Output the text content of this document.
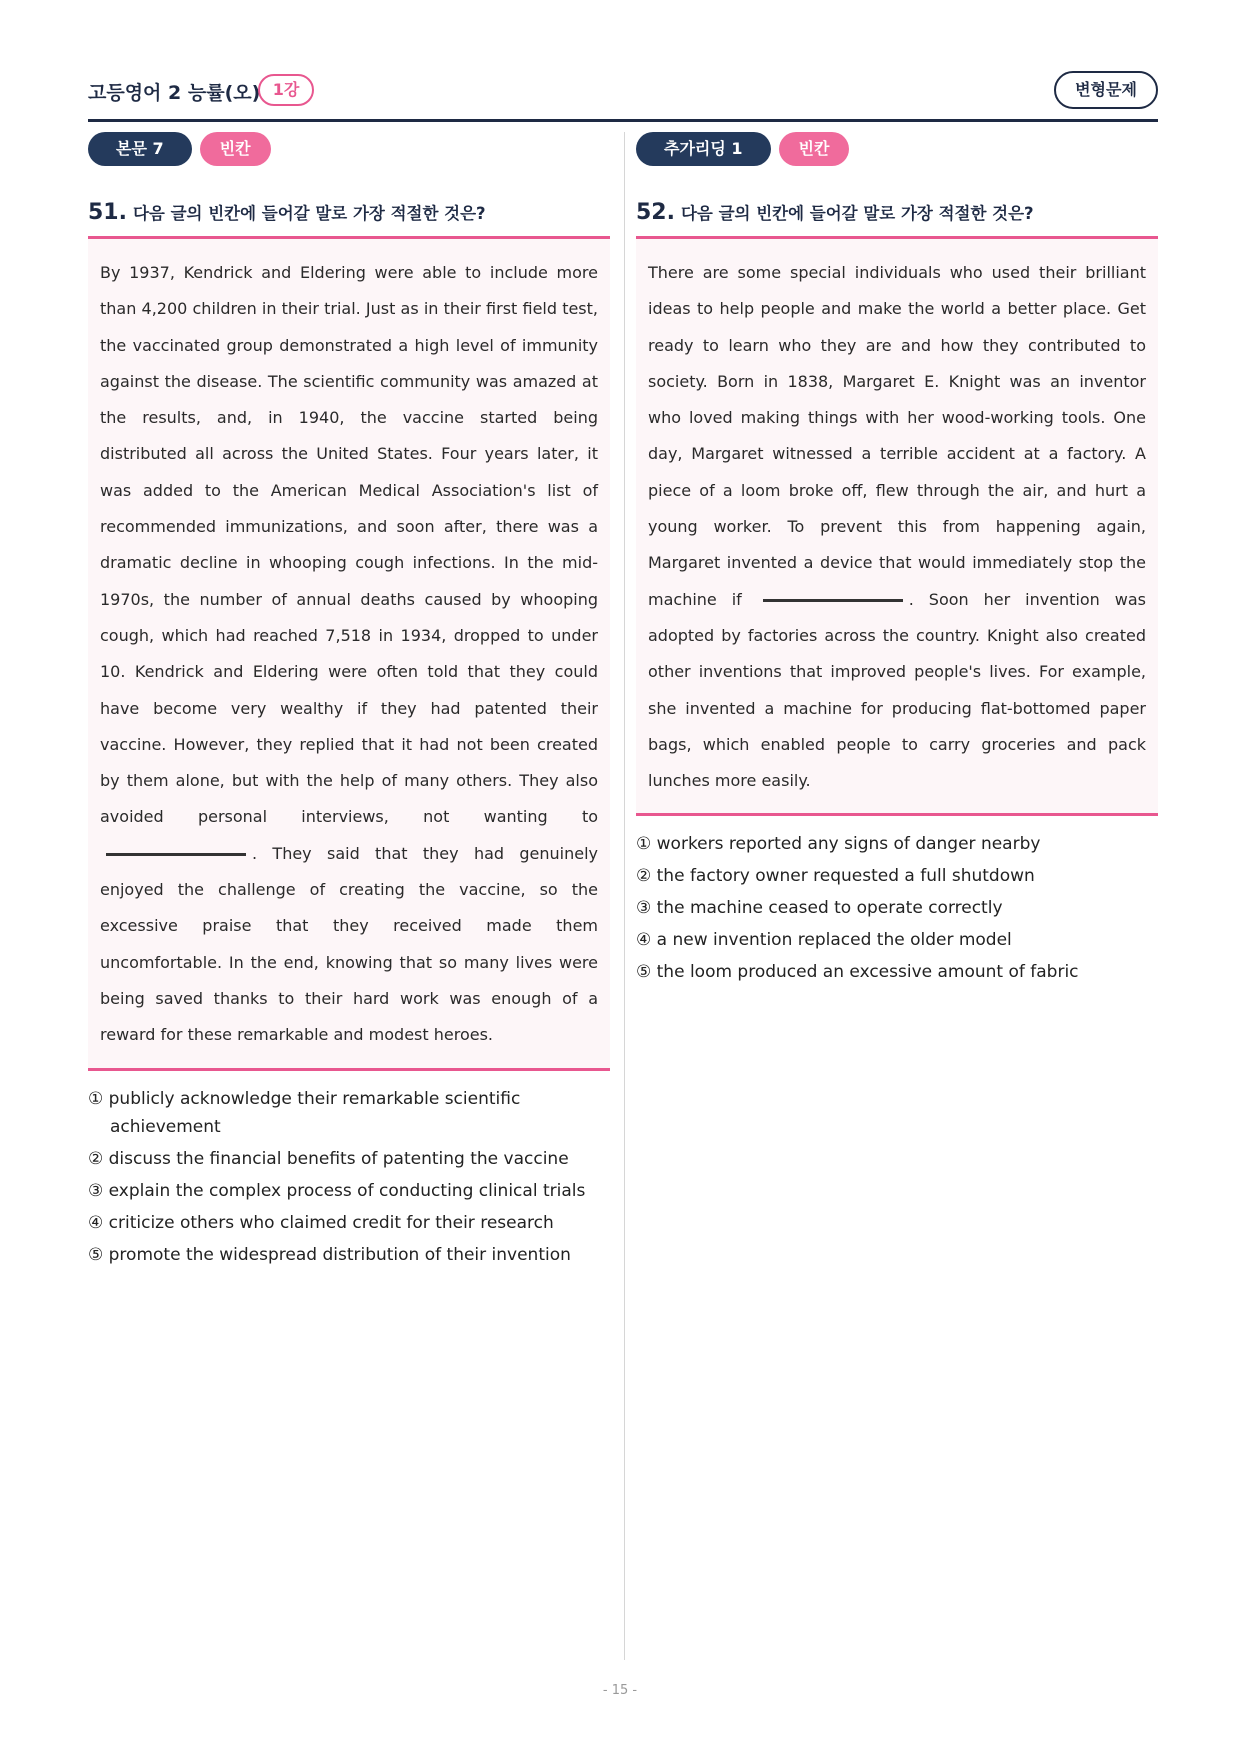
고등영어 2 능률(오) 1강	변형문제
본문 7	빈칸
51. 다음 글의 빈칸에 들어갈 말로 가장 적절한 것은?
By 1937, Kendrick and Eldering were able to include more than 4,200 children in their trial. Just as in their first field test, the vaccinated group demonstrated a high level of immunity against the disease. The scientific community was amazed at the results, and, in 1940, the vaccine started being distributed all across the United States. Four years later, it was added to the American Medical Association's list of recommended immunizations, and soon after, there was a dramatic decline in whooping cough infections. In the mid-1970s, the number of annual deaths caused by whooping cough, which had reached 7,518 in 1934, dropped to under 10. Kendrick and Eldering were often told that they could have become very wealthy if they had patented their vaccine. However, they replied that it had not been created by them alone, but with the help of many others. They also avoided personal interviews, not wanting to . They said that they had genuinely enjoyed the challenge of creating the vaccine, so the excessive praise that they received made them uncomfortable. In the end, knowing that so many lives were being saved thanks to their hard work was enough of a reward for these remarkable and modest heroes.
① publicly acknowledge their remarkable scientific achievement
② discuss the financial benefits of patenting the vaccine
③ explain the complex process of conducting clinical trials
④ criticize others who claimed credit for their research
⑤ promote the widespread distribution of their invention
추가리딩 1	빈칸
52. 다음 글의 빈칸에 들어갈 말로 가장 적절한 것은?
There are some special individuals who used their brilliant ideas to help people and make the world a better place. Get ready to learn who they are and how they contributed to society. Born in 1838, Margaret E. Knight was an inventor who loved making things with her wood-working tools. One day, Margaret witnessed a terrible accident at a factory. A piece of a loom broke off, flew through the air, and hurt a young worker. To prevent this from happening again, Margaret invented a device that would immediately stop the machine if	. Soon her invention was adopted by factories across the country. Knight also created other inventions that improved people's lives. For example, she invented a machine for producing flat-bottomed paper bags, which enabled people to carry groceries and pack lunches more easily.
① workers reported any signs of danger nearby
② the factory owner requested a full shutdown
③ the machine ceased to operate correctly
④ a new invention replaced the older model
⑤ the loom produced an excessive amount of fabric
- 15 -
